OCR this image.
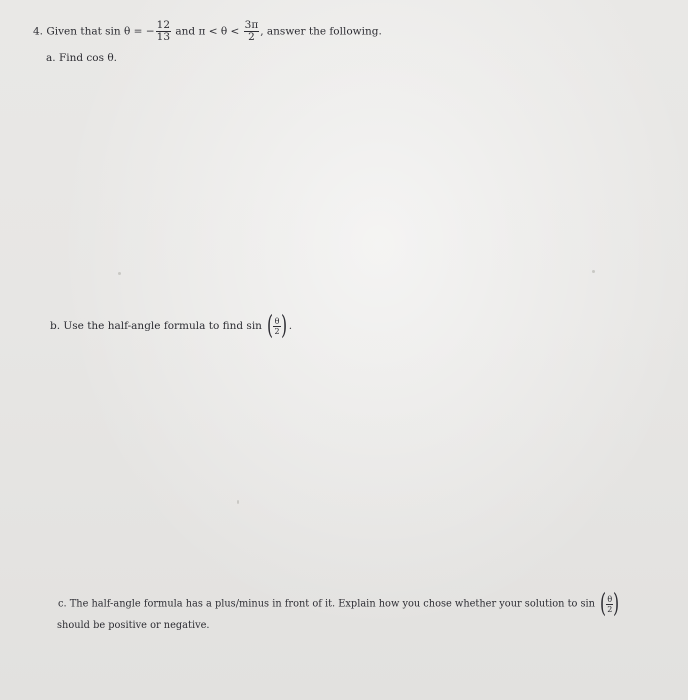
4. Given that sin θ = − $\frac{12}{13}$ and $\pi < \theta < \frac{3\pi}{2}$ , answer the following.
a. Find cos θ.
b. Use the half-angle formula to find sin ( $\frac{\theta}{2}$ ) .
c. The half-angle formula has a plus/minus in front of it. Explain how you chose whether your solution to sin ( $\frac{\theta}{2}$ )
should be positive or negative.
